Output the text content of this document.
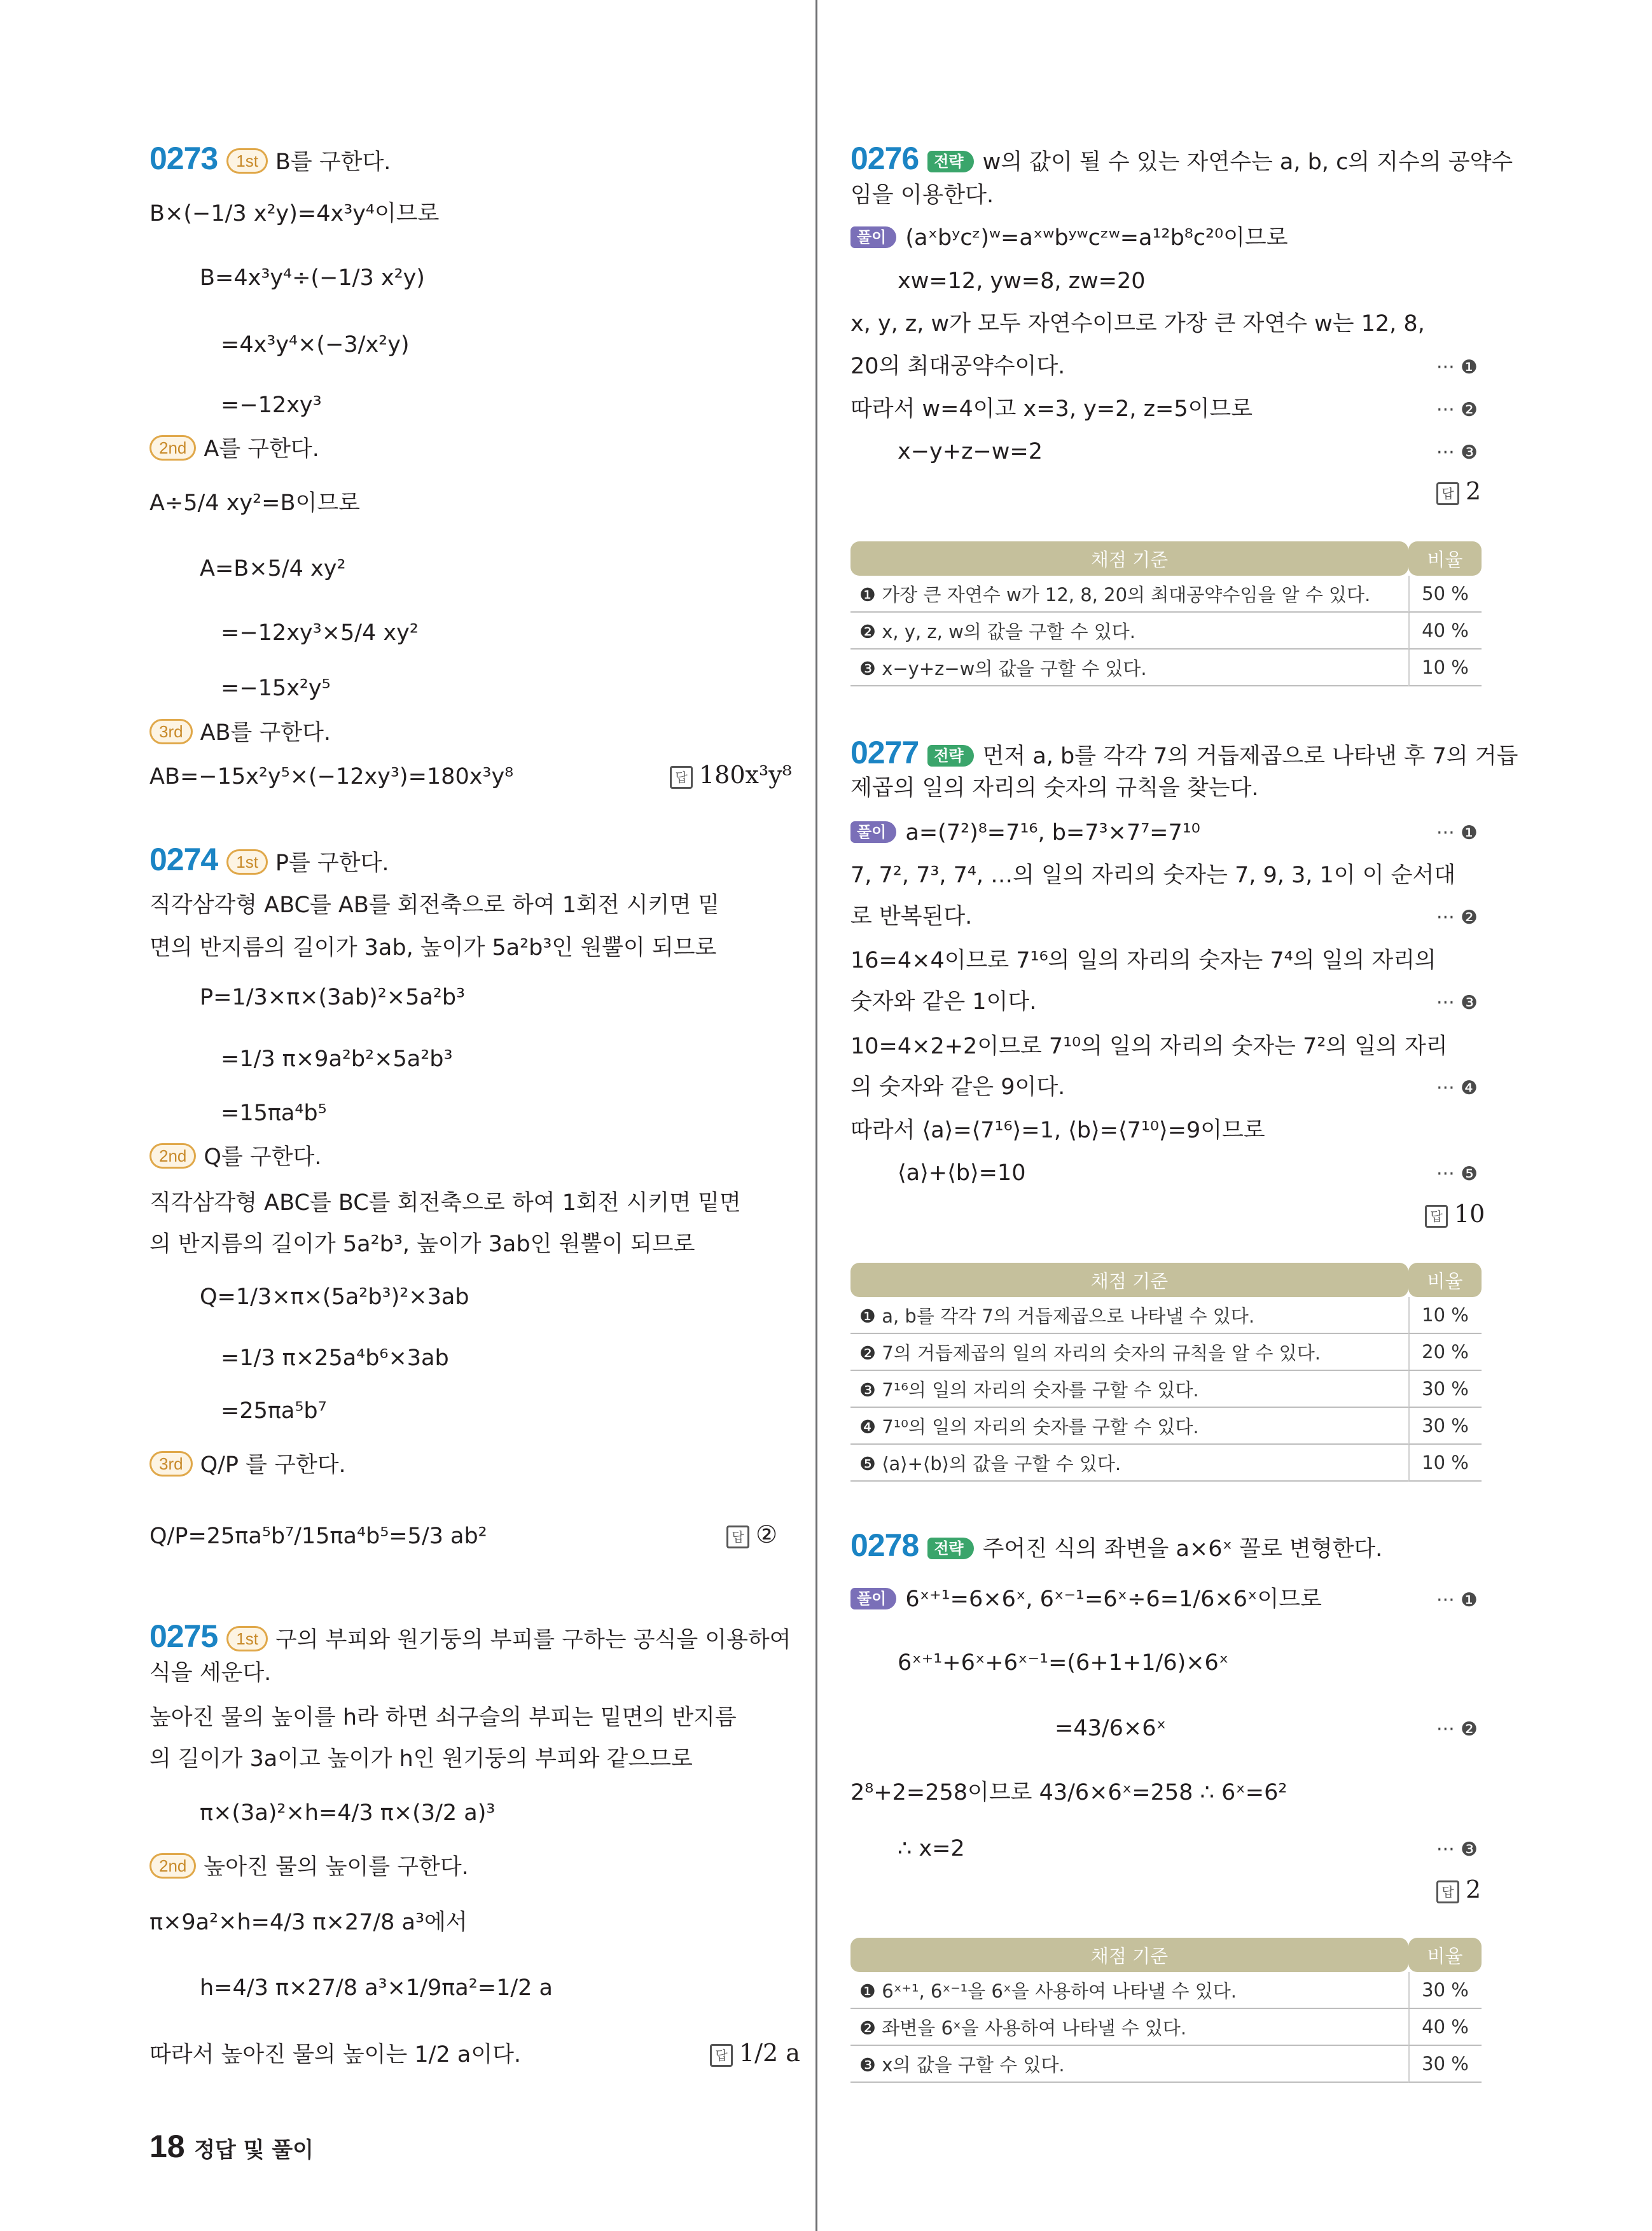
0273 1st B를 구한다.
B×(−1/3 x²y)=4x³y⁴이므로
B=4x³y⁴÷(−1/3 x²y)
=4x³y⁴×(−3/x²y)
=−12xy³
2nd A를 구한다.
A÷5/4 xy²=B이므로
A=B×5/4 xy²
=−12xy³×5/4 xy²
=−15x²y⁵
3rd AB를 구한다.
AB=−15x²y⁵×(−12xy³)=180x³y⁸	답 180x³y⁸
0274 1st P를 구한다.
직각삼각형 ABC를 AB를 회전축으로 하여 1회전 시키면 밑
면의 반지름의 길이가 3ab, 높이가 5a²b³인 원뿔이 되므로
P=1/3×π×(3ab)²×5a²b³
=1/3 π×9a²b²×5a²b³
=15πa⁴b⁵
2nd Q를 구한다.
직각삼각형 ABC를 BC를 회전축으로 하여 1회전 시키면 밑면
의 반지름의 길이가 5a²b³, 높이가 3ab인 원뿔이 되므로
Q=1/3×π×(5a²b³)²×3ab
=1/3 π×25a⁴b⁶×3ab
=25πa⁵b⁷
3rd Q/P 를 구한다.
Q/P=25πa⁵b⁷/15πa⁴b⁵=5/3 ab²	답 ②
0275 1st 구의 부피와 원기둥의 부피를 구하는 공식을 이용하여
식을 세운다.
높아진 물의 높이를 h라 하면 쇠구슬의 부피는 밑면의 반지름
의 길이가 3a이고 높이가 h인 원기둥의 부피와 같으므로
π×(3a)²×h=4/3 π×(3/2 a)³
2nd 높아진 물의 높이를 구한다.
π×9a²×h=4/3 π×27/8 a³에서
h=4/3 π×27/8 a³×1/9πa²=1/2 a
따라서 높아진 물의 높이는 1/2 a이다.	답 1/2 a
0276 전략 w의 값이 될 수 있는 자연수는 a, b, c의 지수의 공약수
임을 이용한다.
풀이 (aˣbʸcᶻ)ʷ=aˣʷbʸʷcᶻʷ=a¹²b⁸c²⁰이므로
xw=12, yw=8, zw=20
x, y, z, w가 모두 자연수이므로 가장 큰 자연수 w는 12, 8,
20의 최대공약수이다.	··· ❶
따라서 w=4이고 x=3, y=2, z=5이므로	··· ❷
x−y+z−w=2	··· ❸
답 2
채점 기준	비율
❶ 가장 큰 자연수 w가 12, 8, 20의 최대공약수임을 알 수 있다.	50 %
❷ x, y, z, w의 값을 구할 수 있다.	40 %
❸ x−y+z−w의 값을 구할 수 있다.	10 %
0277 전략 먼저 a, b를 각각 7의 거듭제곱으로 나타낸 후 7의 거듭
제곱의 일의 자리의 숫자의 규칙을 찾는다.
풀이 a=(7²)⁸=7¹⁶, b=7³×7⁷=7¹⁰	··· ❶
7, 7², 7³, 7⁴, …의 일의 자리의 숫자는 7, 9, 3, 1이 이 순서대
로 반복된다.	··· ❷
16=4×4이므로 7¹⁶의 일의 자리의 숫자는 7⁴의 일의 자리의
숫자와 같은 1이다.	··· ❸
10=4×2+2이므로 7¹⁰의 일의 자리의 숫자는 7²의 일의 자리
의 숫자와 같은 9이다.	··· ❹
따라서 ⟨a⟩=⟨7¹⁶⟩=1, ⟨b⟩=⟨7¹⁰⟩=9이므로
⟨a⟩+⟨b⟩=10	··· ❺
답 10
채점 기준	비율
❶ a, b를 각각 7의 거듭제곱으로 나타낼 수 있다.	10 %
❷ 7의 거듭제곱의 일의 자리의 숫자의 규칙을 알 수 있다.	20 %
❸ 7¹⁶의 일의 자리의 숫자를 구할 수 있다.	30 %
❹ 7¹⁰의 일의 자리의 숫자를 구할 수 있다.	30 %
❺ ⟨a⟩+⟨b⟩의 값을 구할 수 있다.	10 %
0278 전략 주어진 식의 좌변을 a×6ˣ 꼴로 변형한다.
풀이 6ˣ⁺¹=6×6ˣ, 6ˣ⁻¹=6ˣ÷6=1/6×6ˣ이므로	··· ❶
6ˣ⁺¹+6ˣ+6ˣ⁻¹=(6+1+1/6)×6ˣ
=43/6×6ˣ	··· ❷
2⁸+2=258이므로 43/6×6ˣ=258 ∴ 6ˣ=6²
∴ x=2	··· ❸
답 2
채점 기준	비율
❶ 6ˣ⁺¹, 6ˣ⁻¹을 6ˣ을 사용하여 나타낼 수 있다.	30 %
❷ 좌변을 6ˣ을 사용하여 나타낼 수 있다.	40 %
❸ x의 값을 구할 수 있다.	30 %
18 정답 및 풀이
